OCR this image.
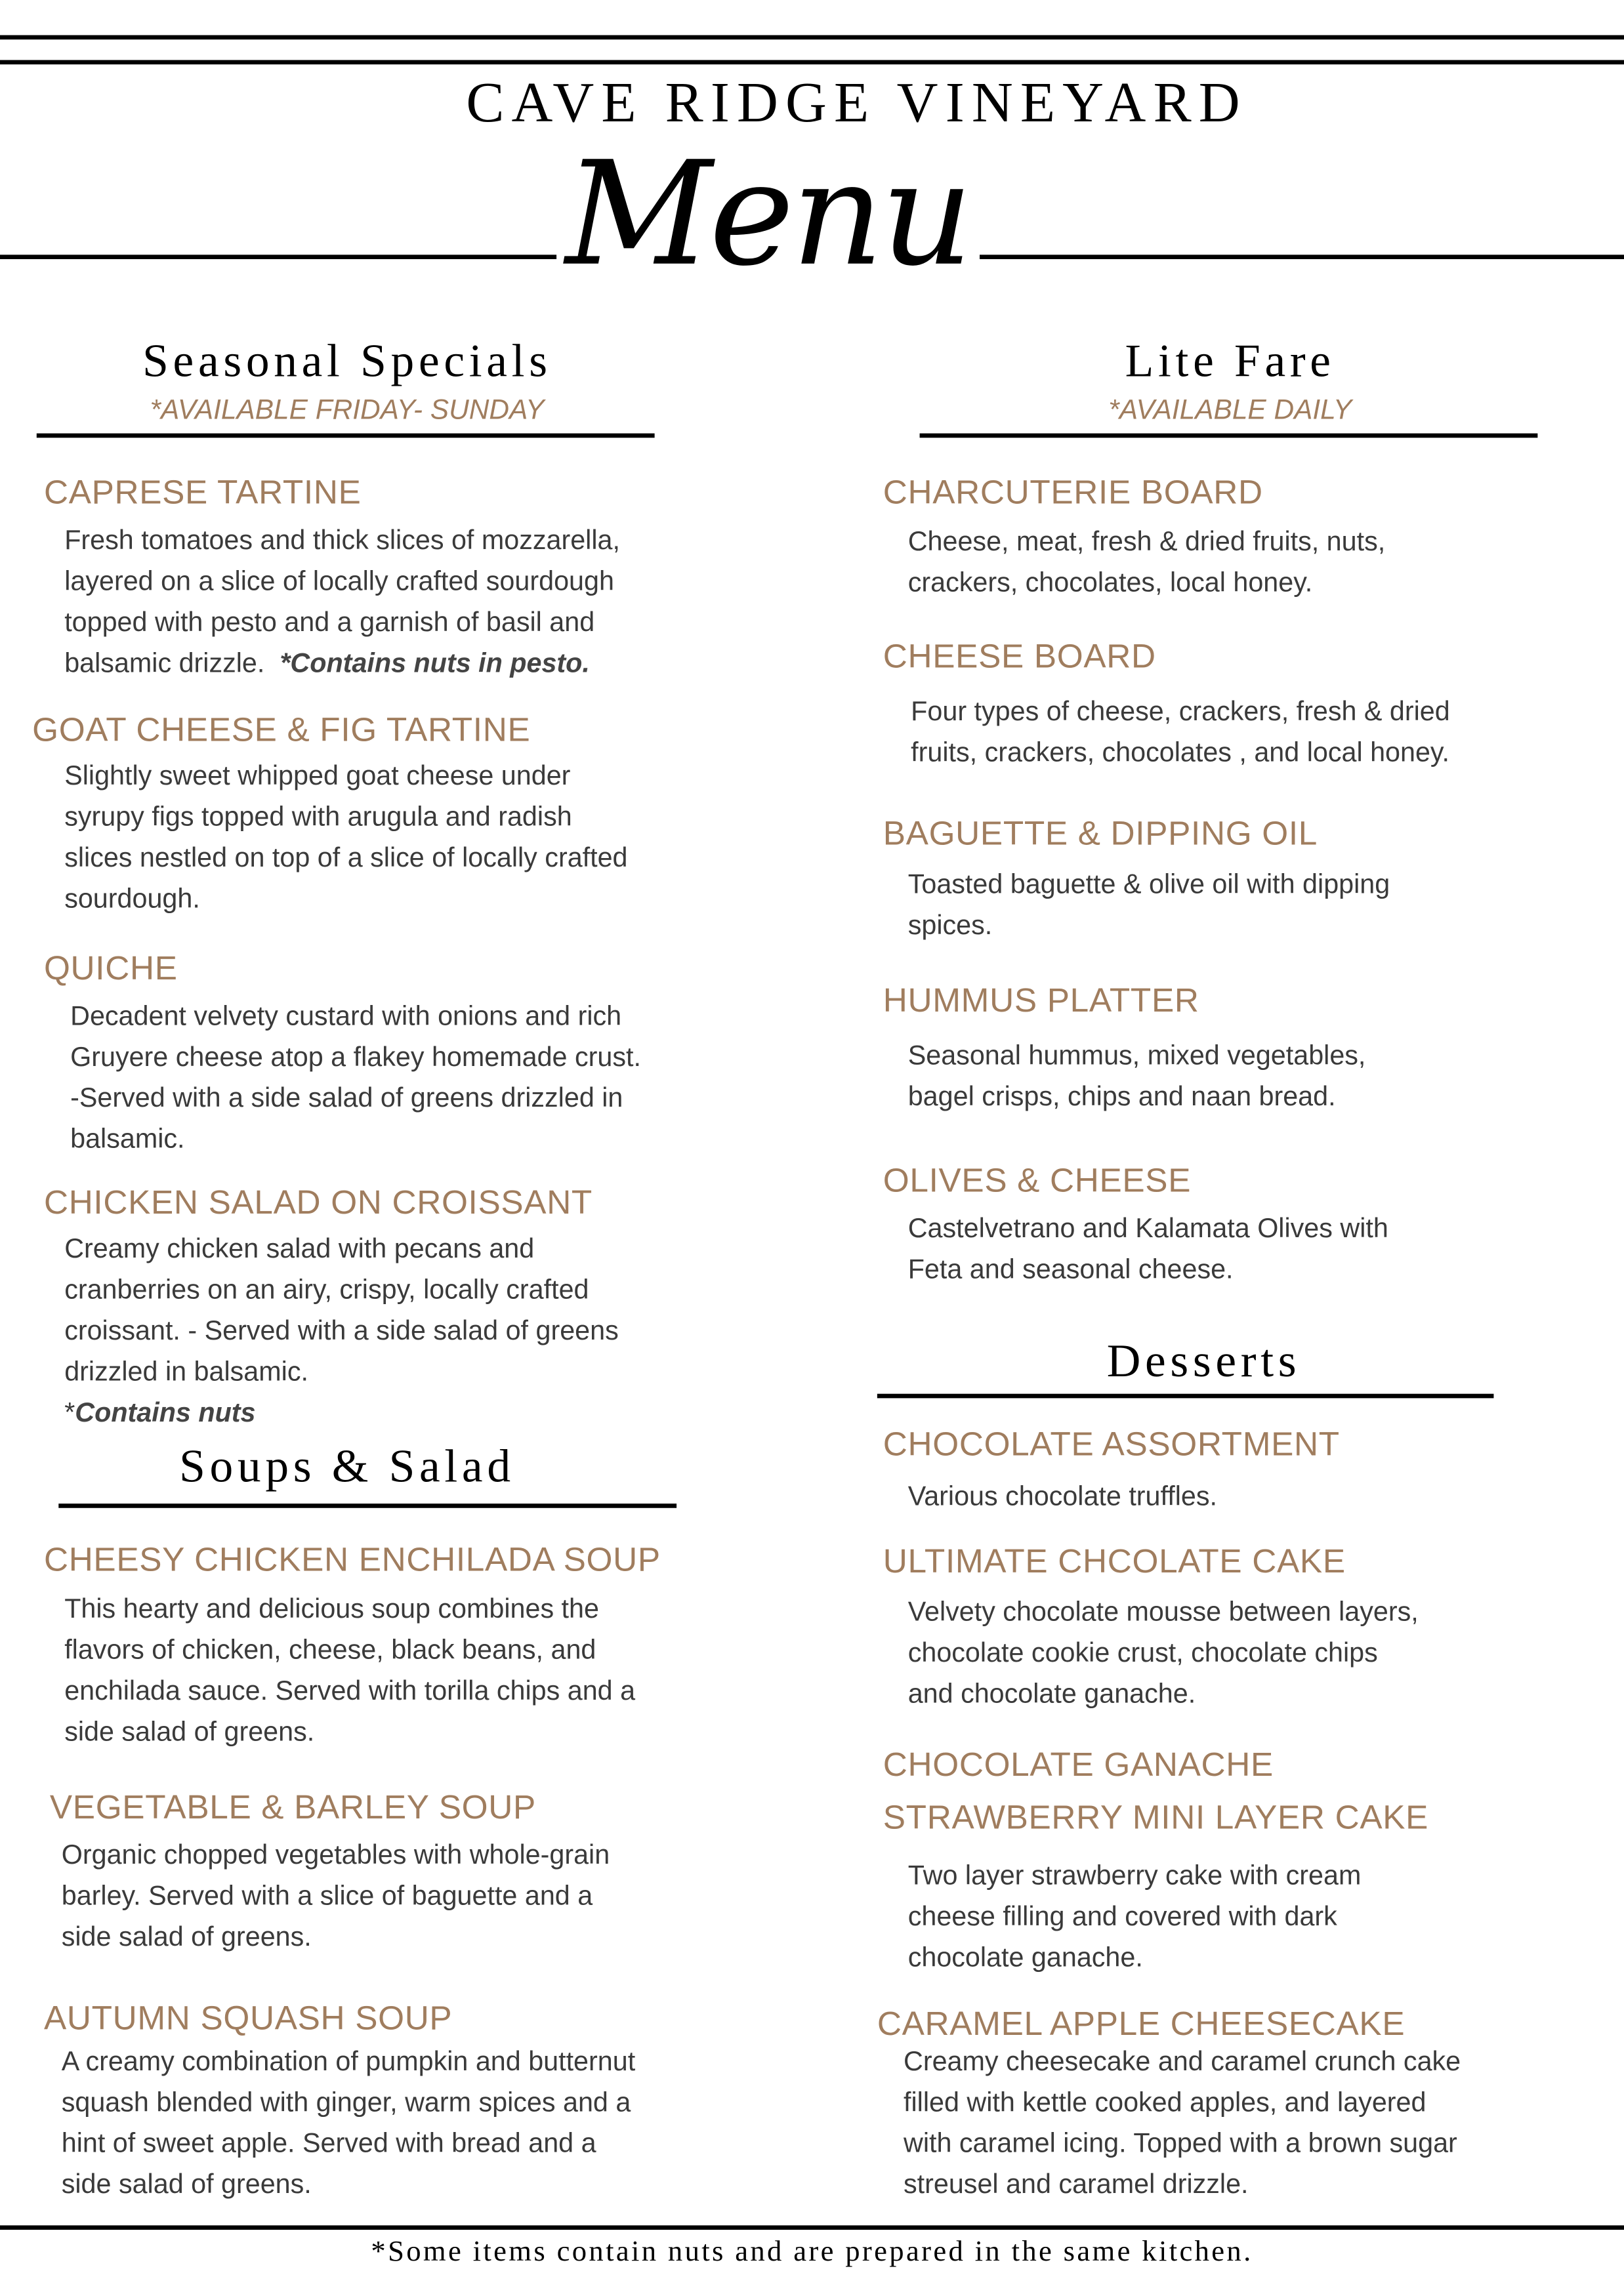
CAVE RIDGE VINEYARD
Menu
Seasonal Specials
*AVAILABLE FRIDAY- SUNDAY
CAPRESE TARTINE
Fresh tomatoes and thick slices of mozzarella,
layered on a slice of locally crafted sourdough
topped with pesto and a garnish of basil and
balsamic drizzle.  *Contains nuts in pesto.
GOAT CHEESE & FIG TARTINE
Slightly sweet whipped goat cheese under
syrupy figs topped with arugula and radish
slices nestled on top of a slice of locally crafted
sourdough.
QUICHE
Decadent velvety custard with onions and rich
Gruyere cheese atop a flakey homemade crust.
-Served with a side salad of greens drizzled in
balsamic.
CHICKEN SALAD ON CROISSANT
Creamy chicken salad with pecans and
cranberries on an airy, crispy, locally crafted
croissant. - Served with a side salad of greens
drizzled in balsamic.
*Contains nuts
Soups & Salad
CHEESY CHICKEN ENCHILADA SOUP
This hearty and delicious soup combines the
flavors of chicken, cheese, black beans, and
enchilada sauce. Served with torilla chips and a
side salad of greens.
VEGETABLE & BARLEY SOUP
Organic chopped vegetables with whole-grain
barley. Served with a slice of baguette and a
side salad of greens.
AUTUMN SQUASH SOUP
A creamy combination of pumpkin and butternut
squash blended with ginger, warm spices and a
hint of sweet apple. Served with bread and a
side salad of greens.
Lite Fare
*AVAILABLE DAILY
CHARCUTERIE BOARD
Cheese, meat, fresh & dried fruits, nuts,
crackers, chocolates, local honey.
CHEESE BOARD
Four types of cheese, crackers, fresh & dried
fruits, crackers, chocolates , and local honey.
BAGUETTE & DIPPING OIL
Toasted baguette & olive oil with dipping
spices.
HUMMUS PLATTER
Seasonal hummus, mixed vegetables,
bagel crisps, chips and naan bread.
OLIVES & CHEESE
Castelvetrano and Kalamata Olives with
Feta and seasonal cheese.
Desserts
CHOCOLATE ASSORTMENT
Various chocolate truffles.
ULTIMATE CHCOLATE CAKE
Velvety chocolate mousse between layers,
chocolate cookie crust, chocolate chips
and chocolate ganache.
CHOCOLATE GANACHE
STRAWBERRY MINI LAYER CAKE
Two layer strawberry cake with cream
cheese filling and covered with dark
chocolate ganache.
CARAMEL APPLE CHEESECAKE
Creamy cheesecake and caramel crunch cake
filled with kettle cooked apples, and layered
with caramel icing. Topped with a brown sugar
streusel and caramel drizzle.
*Some items contain nuts and are prepared in the same kitchen.
